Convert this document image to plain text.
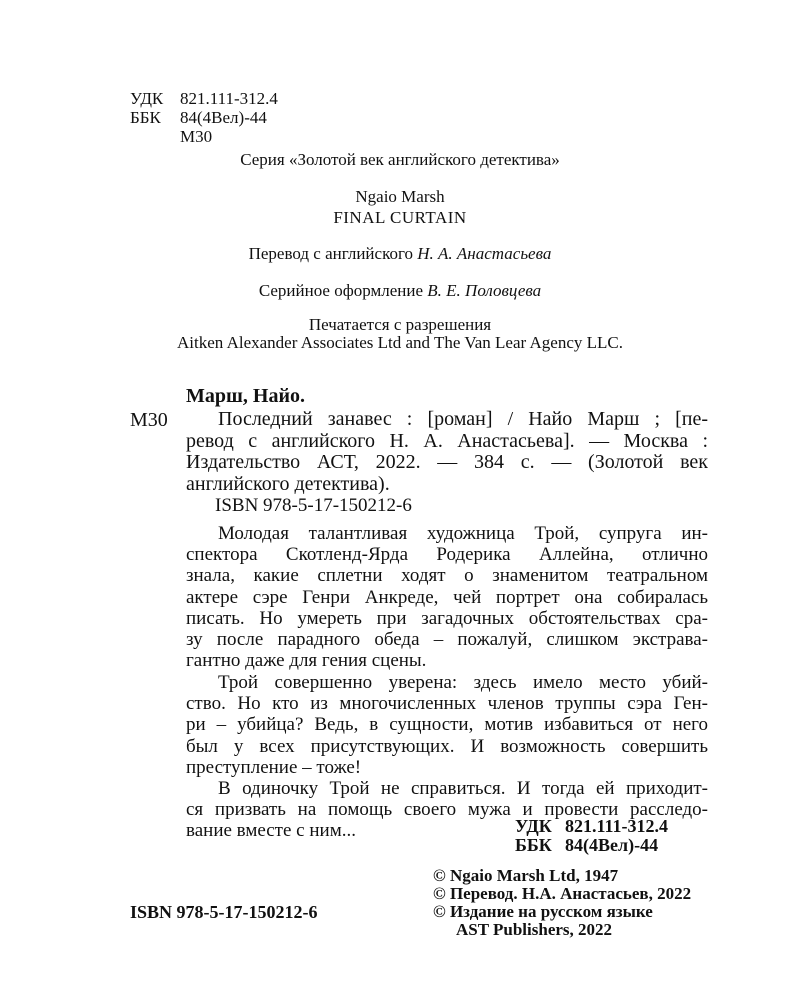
УДК 821.111-312.4
ББК 84(4Вел)-44
М30
Серия «Золотой век английского детектива»
Ngaio Marsh
FINAL CURTAIN
Перевод с английского Н. А. Анастасьева
Серийное оформление В. Е. Половцева
Печатается с разрешения
Aitken Alexander Associates Ltd and The Van Lear Agency LLC.
Марш, Найо.
М30	Последний занавес : [роман] / Найо Марш ; [пе-
ревод с английского Н. А. Анастасьева]. — Москва :
Издательство АСТ, 2022. — 384 с. — (Золотой век
английского детектива).
ISBN 978-5-17-150212-6
Молодая талантливая художница Трой, супруга ин-
спектора Скотленд-Ярда Родерика Аллейна, отлично
знала, какие сплетни ходят о знаменитом театральном
актере сэре Генри Анкреде, чей портрет она собиралась
писать. Но умереть при загадочных обстоятельствах сра-
зу после парадного обеда – пожалуй, слишком экстрава-
гантно даже для гения сцены.
Трой совершенно уверена: здесь имело место убий-
ство. Но кто из многочисленных членов труппы сэра Ген-
ри – убийца? Ведь, в сущности, мотив избавиться от него
был у всех присутствующих. И возможность совершить
преступление – тоже!
В одиночку Трой не справиться. И тогда ей приходит-
ся призвать на помощь своего мужа и провести расследо-
вание вместе с ним...	УДК 821.111-312.4
ББК 84(4Вел)-44
© Ngaio Marsh Ltd, 1947
© Перевод. Н.А. Анастасьев, 2022
© Издание на русском языке
AST Publishers, 2022
ISBN 978-5-17-150212-6
